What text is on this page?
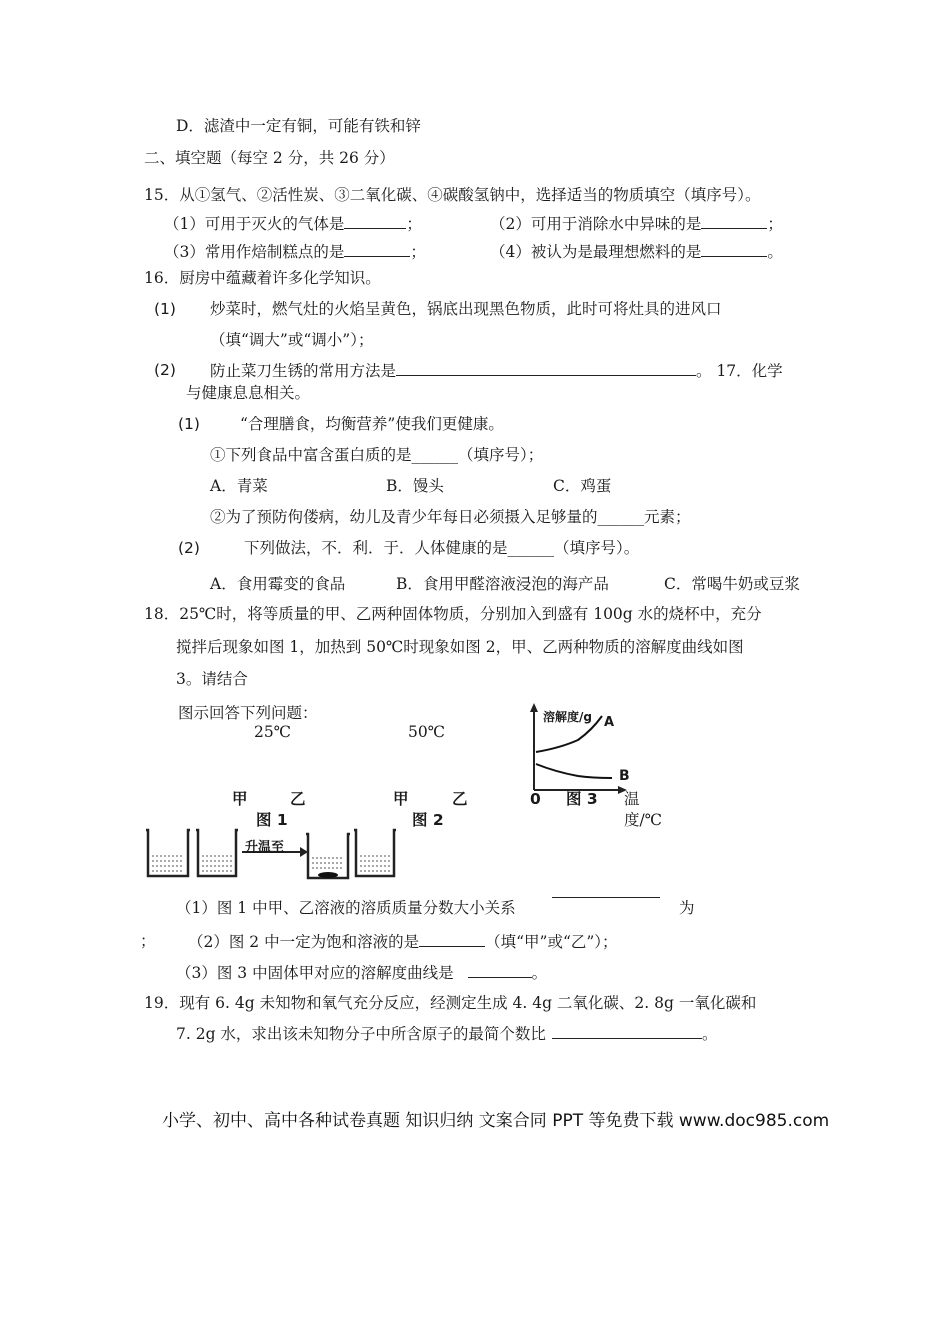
D．滤渣中一定有铜，可能有铁和锌
二、填空题（每空 2 分，共 26 分）
15．从①氢气、②活性炭、③二氧化碳、④碳酸氢钠中，选择适当的物质填空（填序号）。
（1）可用于灭火的气体是	；	（2）可用于消除水中异味的是	；
（3）常用作焙制糕点的是	；	（4）被认为是最理想燃料的是	。
16．厨房中蕴藏着许多化学知识。
(1) 炒菜时，燃气灶的火焰呈黄色，锅底出现黑色物质，此时可将灶具的进风口
（填“调大”或“调小”）；
(2) 防止菜刀生锈的常用方法是	。 17．化学
与健康息息相关。
(1)	“合理膳食，均衡营养”使我们更健康。
①下列食品中富含蛋白质的是______（填序号）；
A．青菜	B．馒头	C．鸡蛋
②为了预防佝偻病，幼儿及青少年每日必须摄入足够量的______元素；
(2)	下列做法，不．利．于．人体健康的是______（填序号）。
A．食用霉变的食品	B．食用甲醛溶液浸泡的海产品	C．常喝牛奶或豆浆
18．25℃时，将等质量的甲、乙两种固体物质，分别加入到盛有 100g 水的烧杯中，充分
搅拌后现象如图 1，加热到 50℃时现象如图 2，甲、乙两种物质的溶解度曲线如图
3。请结合
图示回答下列问题：
25℃	50℃
甲	乙	甲	乙
图 1	图 2
升温至
溶解度/g A
B
0 图 3 温
度/℃
（1）图 1 中甲、乙溶液的溶质质量分数大小关系	为
； （2）图 2 中一定为饱和溶液的是	（填“甲”或“乙”）；
（3）图 3 中固体甲对应的溶解度曲线是	。
19．现有 6. 4g 未知物和氧气充分反应，经测定生成 4. 4g 二氧化碳、2. 8g 一氧化碳和
7. 2g 水，求出该未知物分子中所含原子的最简个数比	。
小学、初中、高中各种试卷真题 知识归纳 文案合同 PPT 等免费下载 www.doc985.com
